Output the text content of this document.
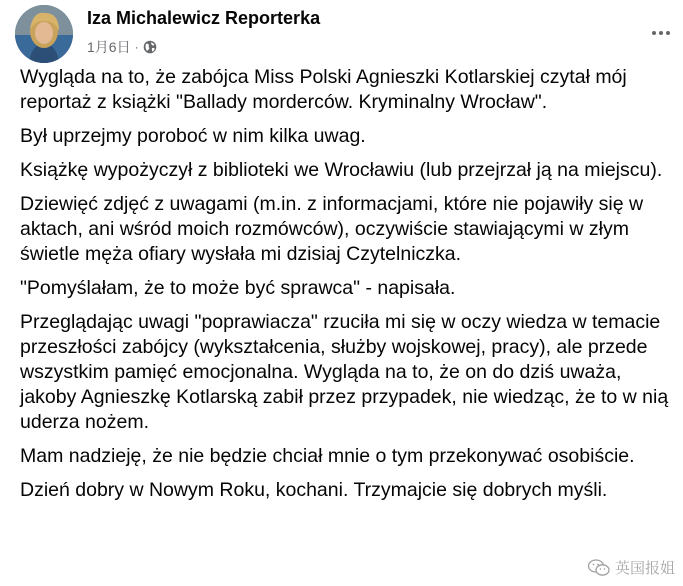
Iza Michalewicz Reporterka
1月6日 ·

Wygląda na to, że zabójca Miss Polski Agnieszki Kotlarskiej czytał mój reportaż z książki "Ballady morderców. Kryminalny Wrocław".

Był uprzejmy poroboć w nim kilka uwag.

Książkę wypożyczył z biblioteki we Wrocławiu (lub przejrzał ją na miejscu).

Dziewięć zdjęć z uwagami (m.in. z informacjami, które nie pojawiły się w aktach, ani wśród moich rozmówców), oczywiście stawiającymi w złym świetle męża ofiary wysłała mi dzisiaj Czytelniczka.

"Pomyślałam, że to może być sprawca" - napisała.

Przeglądając uwagi "poprawiacza" rzuciła mi się w oczy wiedza w temacie przeszłości zabójcy (wykształcenia, służby wojskowej, pracy), ale przede wszystkim pamięć emocjonalna. Wygląda na to, że on do dziś uważa, jakoby Agnieszkę Kotlarską zabił przez przypadek, nie wiedząc, że to w nią uderza nożem.

Mam nadzieję, że nie będzie chciał mnie o tym przekonywać osobiście.

Dzień dobry w Nowym Roku, kochani. Trzymajcie się dobrych myśli.

英国报姐
